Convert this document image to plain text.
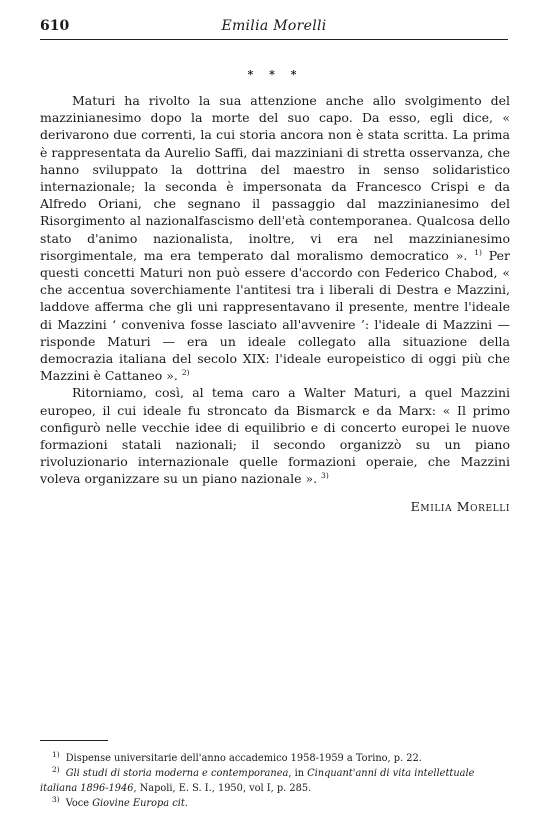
610	Emilia Morelli
* * *

Maturi ha rivolto la sua attenzione anche allo svolgimento del mazzinianesimo dopo la morte del suo capo. Da esso, egli dice, « derivarono due correnti, la cui storia ancora non è stata scritta. La prima è rappresentata da Aurelio Saffi, dai mazziniani di stretta osservanza, che hanno sviluppato la dottrina del maestro in senso solidaristico internazionale; la seconda è impersonata da Francesco Crispi e da Alfredo Oriani, che segnano il passaggio dal mazzinianesimo del Risorgimento al nazionalfascismo dell'età contemporanea. Qualcosa dello stato d'animo nazionalista, inoltre, vi era nel mazzinianesimo risorgimentale, ma era temperato dal moralismo democratico ». $^{1)}$ Per questi concetti Maturi non può essere d'accordo con Federico Chabod, « che accentua soverchiamente l'antitesi tra i liberali di Destra e Mazzini, laddove afferma che gli uni rappresentavano il presente, mentre l'ideale di Mazzini ‘ conveniva fosse lasciato all'avvenire ’: l'ideale di Mazzini — risponde Maturi — era un ideale collegato alla situazione della democrazia italiana del secolo XIX: l'ideale europeistico di oggi più che Mazzini è Cattaneo ». $^{2)}$

Ritorniamo, così, al tema caro a Walter Maturi, a quel Mazzini europeo, il cui ideale fu stroncato da Bismarck e da Marx: « Il primo configurò nelle vecchie idee di equilibrio e di concerto europei le nuove formazioni statali nazionali; il secondo organizzò su un piano rivoluzionario internazionale quelle formazioni operaie, che Mazzini voleva organizzare su un piano nazionale ». $^{3)}$

Emilia Morelli

$^{1)}$ Dispense universitarie dell'anno accademico 1958-1959 a Torino, p. 22.

$^{2)}$ Gli studi di storia moderna e contemporanea, in Cinquant'anni di vita intellettuale italiana 1896-1946, Napoli, E. S. I., 1950, vol I, p. 285.

$^{3)}$ Voce Giovine Europa cit.
